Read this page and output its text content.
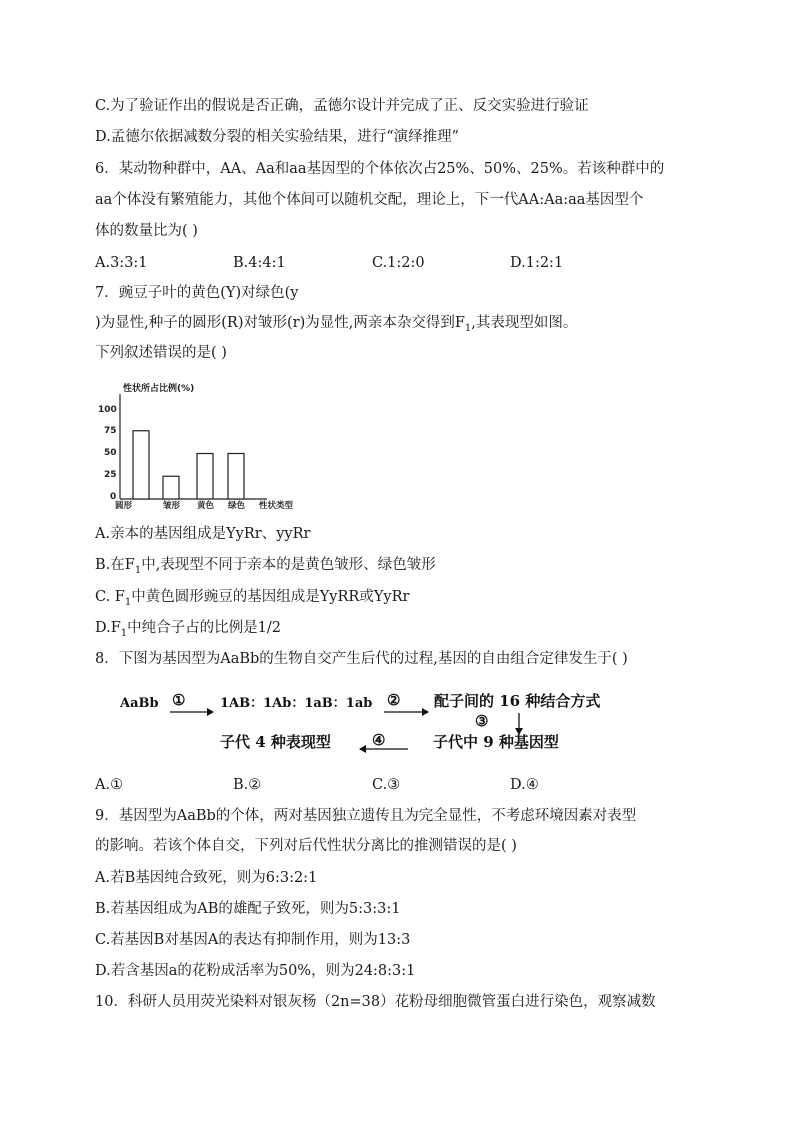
C.为了验证作出的假说是否正确，孟德尔设计并完成了正、反交实验进行验证
D.孟德尔依据减数分裂的相关实验结果，进行“演绎推理”
6．某动物种群中，AA、Aa和aa基因型的个体依次占25%、50%、25%。若该种群中的
aa个体没有繁殖能力，其他个体间可以随机交配，理论上，下一代AA:Aa:aa基因型个
体的数量比为( )
A.3:3:1	B.4:4:1	C.1:2:0	D.1:2:1
7．豌豆子叶的黄色(Y)对绿色(y
)为显性,种子的圆形(R)对皱形(r)为显性,两亲本杂交得到$F_1$,其表现型如图。
下列叙述错误的是( )
性状所占比例(%)
100
75
50
25
0
圆形	皱形 黄色 绿色 性状类型
A.亲本的基因组成是YyRr、yyRr
B.在$F_1$中,表现型不同于亲本的是黄色皱形、绿色皱形
C. $F_1$中黄色圆形豌豆的基因组成是YyRR或YyRr
$D.F_1$中纯合子占的比例是1/2
8．下图为基因型为AaBb的生物自交产生后代的过程,基因的自由组合定律发生于( )
AaBb ①	1AB：1Ab：1aB：1ab ② 配子间的 16 种结合方式
③
子代中 9 种基因型
④
子代 4 种表现型
A.①	B.②	C.③	D.④
9．基因型为AaBb的个体，两对基因独立遗传且为完全显性，不考虑环境因素对表型
的影响。若该个体自交，下列对后代性状分离比的推测错误的是( )
A.若B基因纯合致死，则为6:3:2:1
B.若基因组成为AB的雄配子致死，则为5:3:3:1
C.若基因B对基因A的表达有抑制作用，则为13:3
D.若含基因a的花粉成活率为50%，则为24:8:3:1
10．科研人员用荧光染料对银灰杨（2n=38）花粉母细胞微管蛋白进行染色，观察减数
